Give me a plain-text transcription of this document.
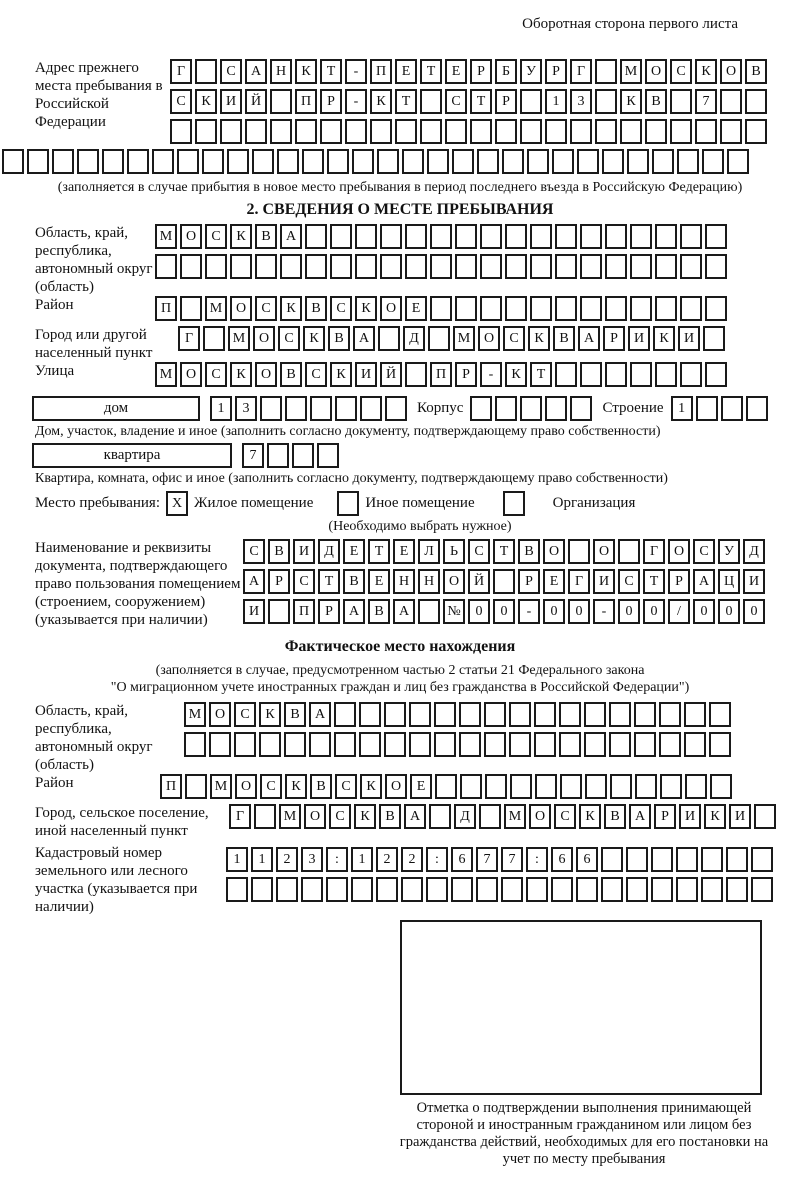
Оборотная сторона первого листа
Адрес прежнего места пребывания в Российской Федерации
Г	С А Н К Т - П Е Т Е Р Б У Р Г	М О С К О В
С К И Й	П Р - К Т	С Т Р	1 3	К В	7
(заполняется в случае прибытия в новое место пребывания в период последнего въезда в Российскую Федерацию)
2. СВЕДЕНИЯ О МЕСТЕ ПРЕБЫВАНИЯ
Область, край, республика, автономный округ (область)
М О С К В А
Район	П	М О С К В С К О Е
Город или другой населенный пункт
Г	М О С К В А	Д	М О С К В А Р И К И
Улица	М О С К О В С К И Й	П Р - К Т
дом	1 3	Корпус	Строение	1
Дом, участок, владение и иное (заполнить согласно документу, подтверждающему право собственности)
квартира	7
Квартира, комната, офис и иное (заполнить согласно документу, подтверждающему право собственности)
Место пребывания: X Жилое помещение	Иное помещение	Организация
(Необходимо выбрать нужное)
Наименование и реквизиты документа, подтверждающего право пользования помещением (строением, сооружением) (указывается при наличии)
С В И Д Е Т Е Л Ь С Т В О	О	Г О С У Д
А Р С Т В Е Н Н О Й	Р Е Г И С Т Р А Ц И
И	П Р А В А	№ 0 0 - 0 0 - 0 0 / 0 0 0
Фактическое место нахождения
(заполняется в случае, предусмотренном частью 2 статьи 21 Федерального закона
"О миграционном учете иностранных граждан и лиц без гражданства в Российской Федерации")
Область, край, республика, автономный округ (область)
М О С К В А
Район	П	М О С К В С К О Е
Город, сельское поселение, иной населенный пункт
Г	М О С К В А	Д	М О С К В А Р И К И
Кадастровый номер земельного или лесного участка (указывается при наличии)
1 1 2 3 : 1 2 2 : 6 7 7 : 6 6
Отметка о подтверждении выполнения принимающей стороной и иностранным гражданином или лицом без гражданства действий, необходимых для его постановки на учет по месту пребывания
